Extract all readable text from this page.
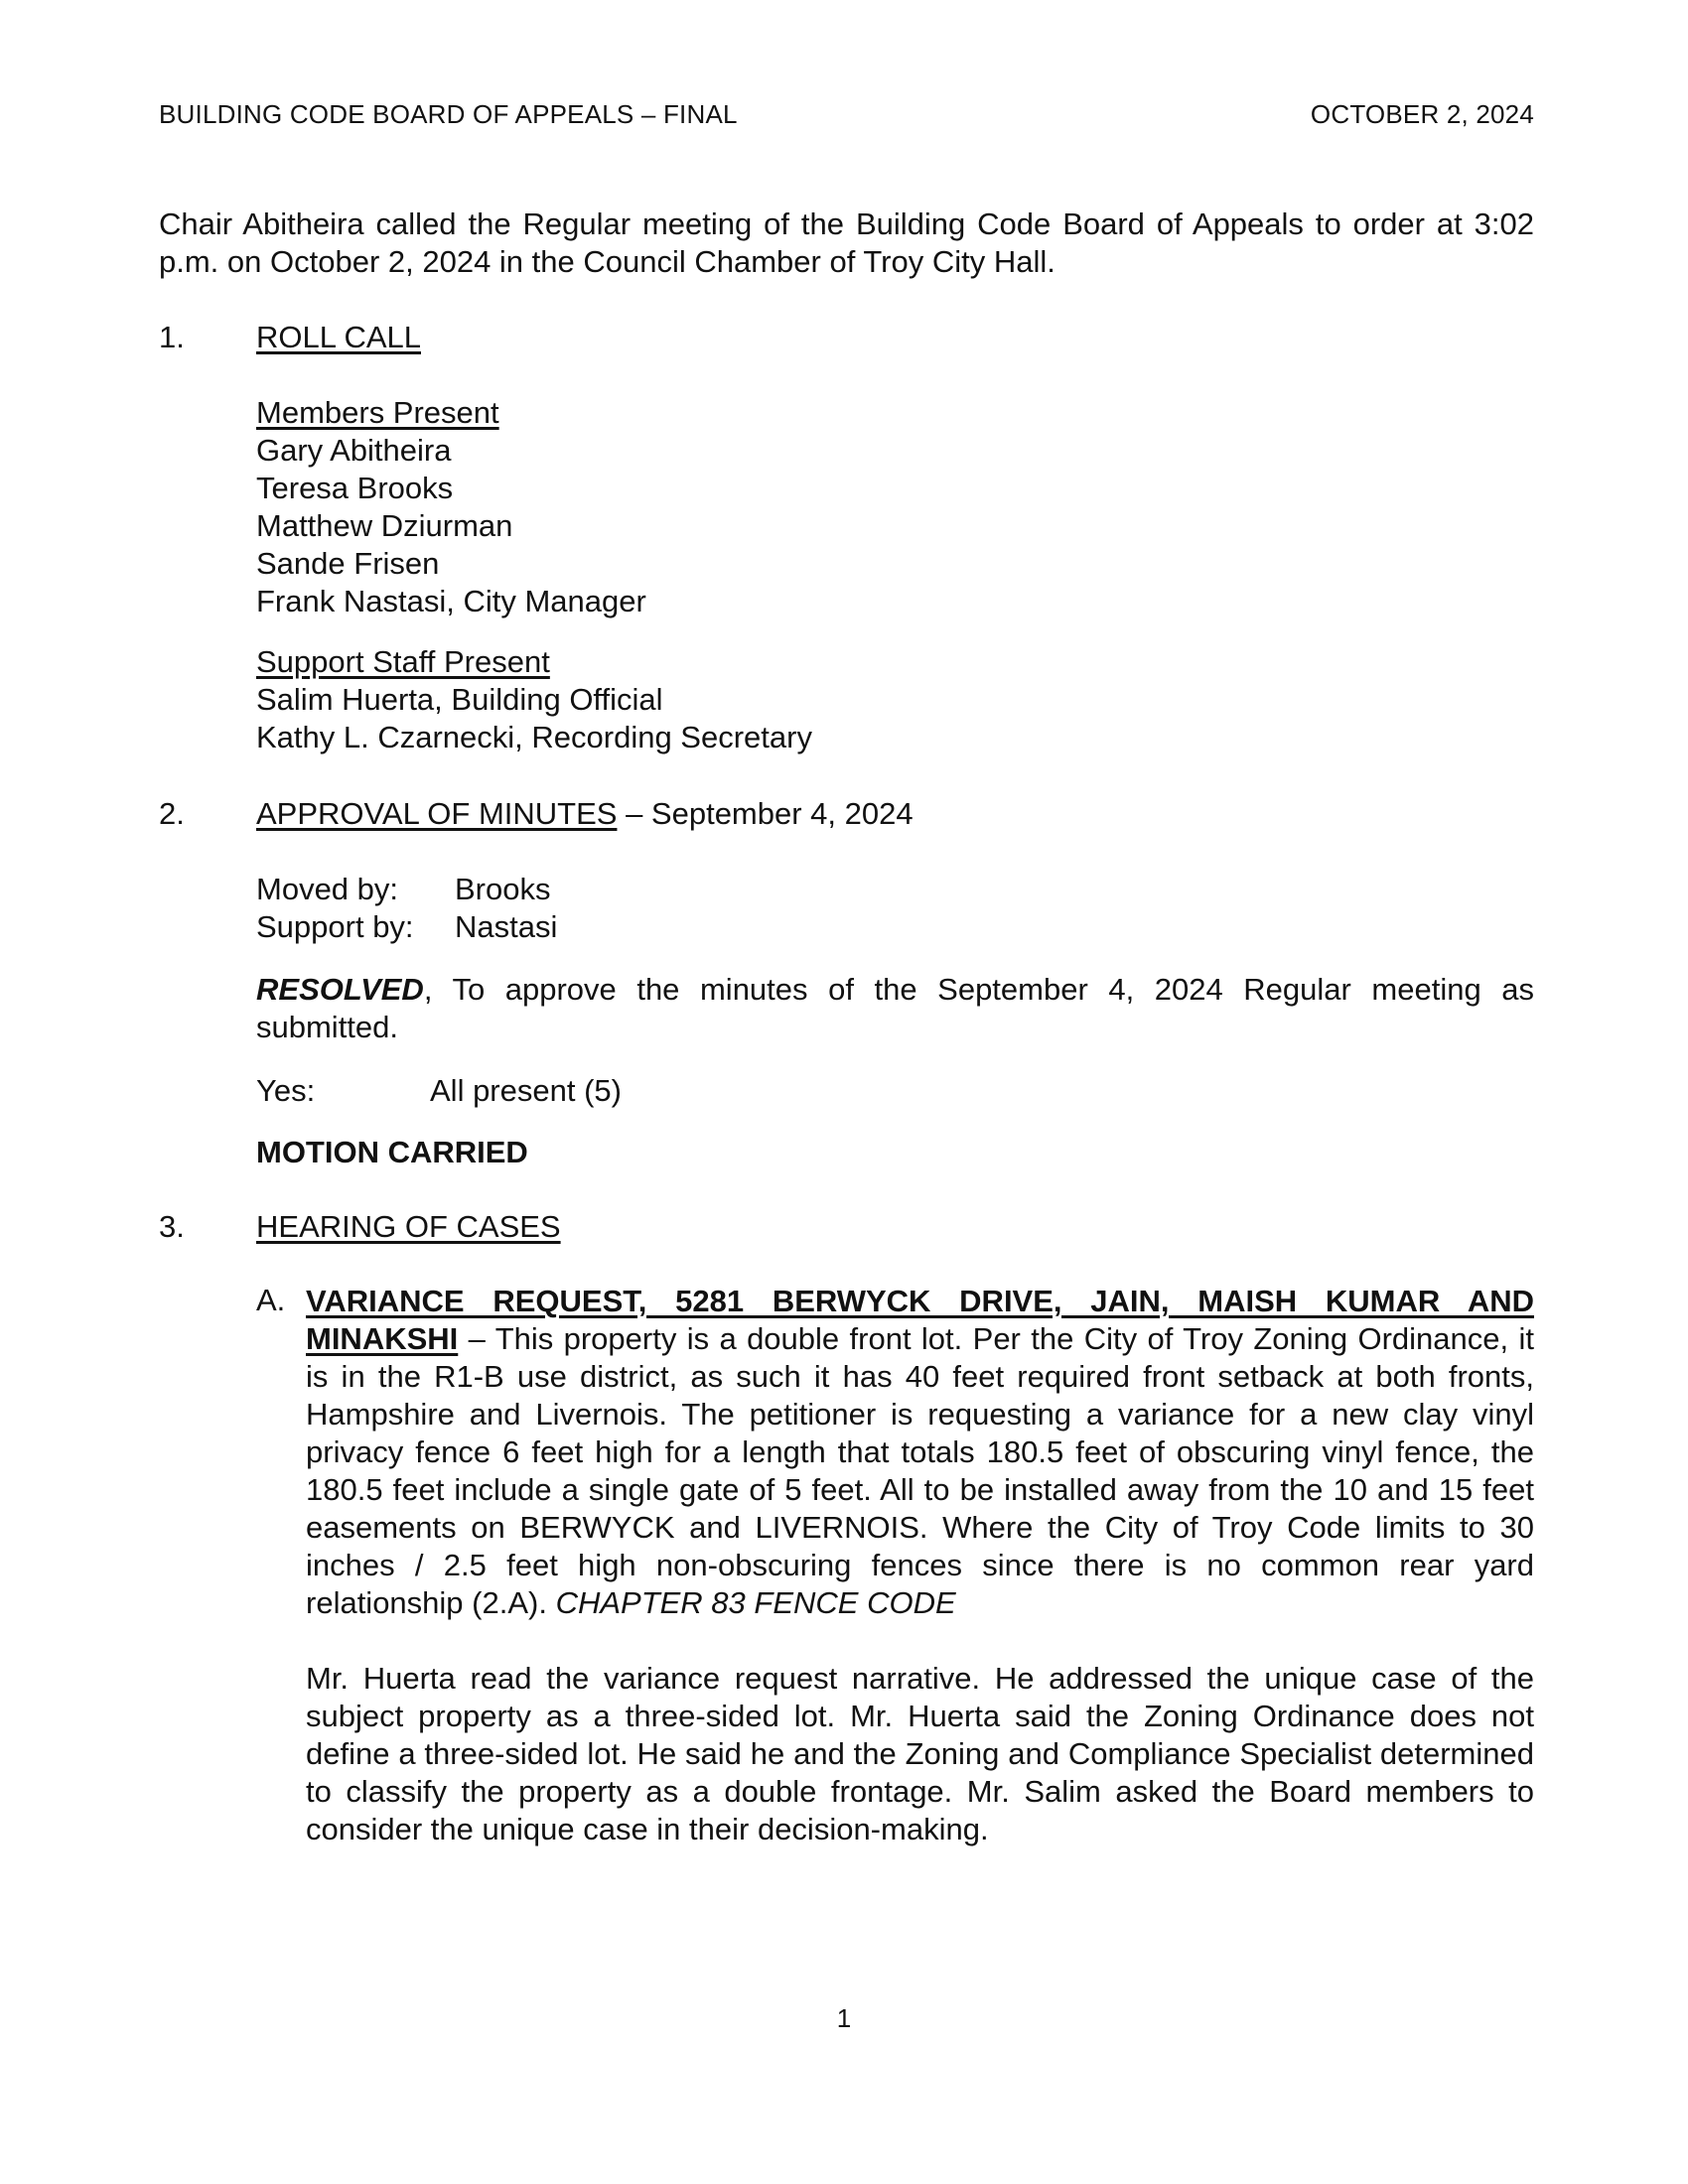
BUILDING CODE BOARD OF APPEALS – FINAL	OCTOBER 2, 2024
Chair Abitheira called the Regular meeting of the Building Code Board of Appeals to order at 3:02 p.m. on October 2, 2024 in the Council Chamber of Troy City Hall.
1. ROLL CALL
Members Present
Gary Abitheira
Teresa Brooks
Matthew Dziurman
Sande Frisen
Frank Nastasi, City Manager
Support Staff Present
Salim Huerta, Building Official
Kathy L. Czarnecki, Recording Secretary
2. APPROVAL OF MINUTES – September 4, 2024
Moved by:	Brooks
Support by:	Nastasi
RESOLVED, To approve the minutes of the September 4, 2024 Regular meeting as submitted.
Yes:	All present (5)
MOTION CARRIED
3. HEARING OF CASES
A. VARIANCE REQUEST, 5281 BERWYCK DRIVE, JAIN, MAISH KUMAR AND MINAKSHI – This property is a double front lot. Per the City of Troy Zoning Ordinance, it is in the R1-B use district, as such it has 40 feet required front setback at both fronts, Hampshire and Livernois. The petitioner is requesting a variance for a new clay vinyl privacy fence 6 feet high for a length that totals 180.5 feet of obscuring vinyl fence, the 180.5 feet include a single gate of 5 feet. All to be installed away from the 10 and 15 feet easements on BERWYCK and LIVERNOIS. Where the City of Troy Code limits to 30 inches / 2.5 feet high non-obscuring fences since there is no common rear yard relationship (2.A). CHAPTER 83 FENCE CODE
Mr. Huerta read the variance request narrative. He addressed the unique case of the subject property as a three-sided lot. Mr. Huerta said the Zoning Ordinance does not define a three-sided lot. He said he and the Zoning and Compliance Specialist determined to classify the property as a double frontage. Mr. Salim asked the Board members to consider the unique case in their decision-making.
1
